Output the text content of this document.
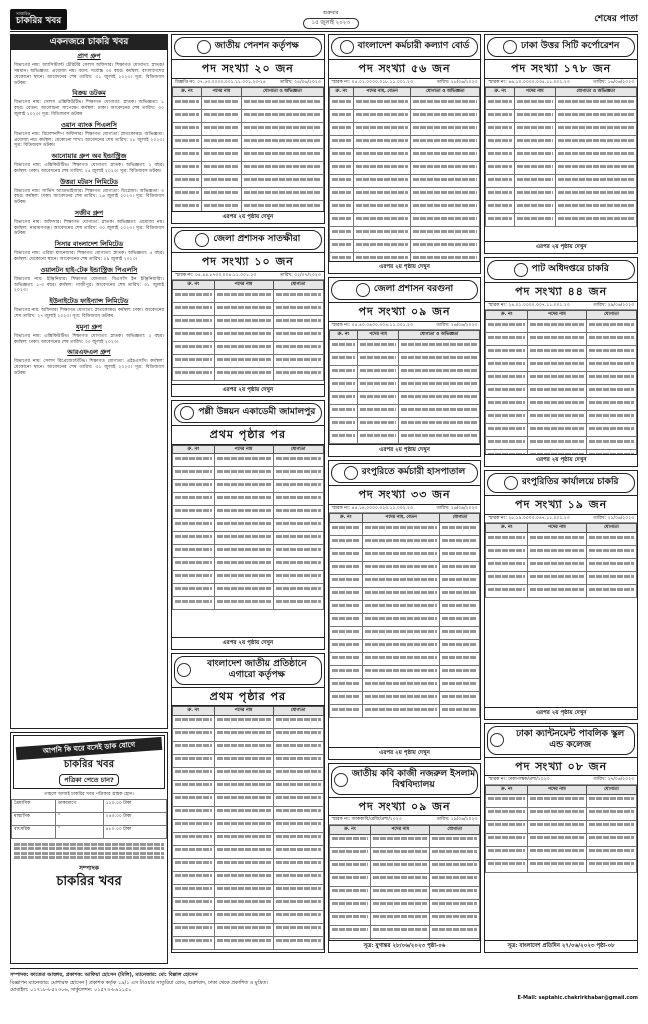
সাপ্তাহিক
চাকরির খবর
শুক্রবার
১৫ জুলাই ২০২৩	শেষের পাতা
একনজরে চাকরি খবর
প্রাণ গ্রুপ
বিভাগের নাম: অ্যাসিস্ট্যান্ট টেরিটরি সেলস অফিসার। শিক্ষাগত যোগ্যতা: স্নাতক/সমমান। অভিজ্ঞতা: প্রযোজ্য নয়। বয়স: সর্বোচ্চ ৩০ বছর। কর্মস্থল: বাংলাদেশের যেকোনো স্থানে। আবেদনের শেষ তারিখ: ৩১ জুলাই ২০২৩। সূত্র: বিডিজবস ডটকম
বিক্রয় ডটকম
বিভাগের নাম: সেলস এক্সিকিউটিভ। শিক্ষাগত যোগ্যতা: স্নাতক। অভিজ্ঞতা: ১ বছর। বেতন: আলোচনা সাপেক্ষে। কর্মস্থল: ঢাকা। আবেদনের শেষ তারিখ: ৩০ জুলাই ২০২৩। সূত্র: বিডিজবস ডটকম
ওয়ান ব্যাংক পিএলসি
বিভাগের নাম: রিলেশনশিপ অফিসার। শিক্ষাগত যোগ্যতা: স্নাতকোত্তর। অভিজ্ঞতা: প্রযোজ্য নয়। কর্মস্থল: যেকোনো শাখা। আবেদনের শেষ তারিখ: ২৮ জুলাই ২০২৩। সূত্র: বিডিজবস ডটকম
আনোয়ার গ্রুপ অব ইন্ডাস্ট্রিজ
বিভাগের নাম: এক্সিকিউটিভ। শিক্ষাগত যোগ্যতা: স্নাতক। অভিজ্ঞতা: ২ বছর। কর্মস্থল: ঢাকা। আবেদনের শেষ তারিখ: ২৫ জুলাই ২০২৩। সূত্র: বিডিজবস ডটকম
উত্তরা মটরস লিমিটেড
বিভাগের নাম: সার্ভিস অ্যাডভাইজার। শিক্ষাগত যোগ্যতা: ডিপ্লোমা। অভিজ্ঞতা: ৩ বছর। কর্মস্থল: ঢাকা। আবেদনের শেষ তারিখ: ২৬ জুলাই ২০২৩। সূত্র: বিডিজবস ডটকম
সজীব গ্রুপ
বিভাগের নাম: অফিসার। শিক্ষাগত যোগ্যতা: স্নাতক। অভিজ্ঞতা: প্রযোজ্য নয়। কর্মস্থল: নারায়ণগঞ্জ। আবেদনের শেষ তারিখ: ৩০ জুলাই ২০২৩। সূত্র: বিডিজবস ডটকম
সিসার বাংলাদেশ লিমিটেড
বিভাগের নাম: এরিয়া ম্যানেজার। শিক্ষাগত যোগ্যতা: স্নাতক। অভিজ্ঞতা: ৫ বছর। কর্মস্থল: যেকোনো স্থানে। আবেদনের শেষ তারিখ: ২৯ জুলাই ২০২৩।
ওয়ালটন হাই-টেক ইন্ডাস্ট্রিজ পিএলসি
বিভাগের নাম: ইঞ্জিনিয়ার। শিক্ষাগত যোগ্যতা: বিএসসি ইন ইঞ্জিনিয়ারিং। অভিজ্ঞতা: ১-৩ বছর। কর্মস্থল: গাজীপুর। আবেদনের শেষ তারিখ: ৩১ জুলাই ২০২৩।
ইউনাইটেড ফাইন্যান্স লিমিটেড
বিভাগের নাম: অফিসার। শিক্ষাগত যোগ্যতা: স্নাতকোত্তর। কর্মস্থল: ঢাকা। আবেদনের শেষ তারিখ: ২৭ জুলাই ২০২৩। সূত্র: বিডিজবস ডটকম
যমুনা গ্রুপ
বিভাগের নাম: এক্সিকিউটিভ। শিক্ষাগত যোগ্যতা: স্নাতক। অভিজ্ঞতা: ২ বছর। কর্মস্থল: ঢাকা। আবেদনের শেষ তারিখ: ৩০ জুলাই ২০২৩।
আরএফএল গ্রুপ
বিভাগের নাম: সেলস রিপ্রেজেন্টেটিভ। শিক্ষাগত যোগ্যতা: এইচএসসি। কর্মস্থল: যেকোনো স্থানে। আবেদনের শেষ তারিখ: ৩১ জুলাই ২০২৩। সূত্র: বিডিজবস ডটকম
আপনি কি ঘরে বসেই ডাক যোগে
চাকরির খবর
পত্রিকা পেতে চান?
তাহলে আজই চাকরির খবর পত্রিকার গ্রাহক হোন।
ত্রৈমাসিক	ডাকযোগে	১২০.০০ টাকা
ষান্মাসিক	”	২৪০.০০ টাকা
বাৎসরিক	”	৪৮০.০০ টাকা
সম্পাদক
চাকরির খবর
জাতীয় পেনশন কর্তৃপক্ষ
পদ সংখ্যা ২০ জন
বিজ্ঞপ্তি নং: ০৭.৫৩.০০০০.০০১.১১.০০১.২৩-২৪	তারিখ: ২৫/০৬/২০২৩
ক্র. নং	পদের নাম	যোগ্যতা ও অভিজ্ঞতা

এরপর ২য় পৃষ্ঠায় দেখুন
জেলা প্রশাসক সাতক্ষীরা
পদ সংখ্যা ১০ জন
স্মারক নং: ০৫.৪৪.৮৭০০.০০৪.১১.০০১.২৩	তারিখ: ০২/০৭/২০২৩
ক্র. নং	পদের নাম	যোগ্যতা

এরপর ২য় পৃষ্ঠায় দেখুন
পল্লী উন্নয়ন একাডেমী জামালপুর
প্রথম পৃষ্ঠার পর
ক্র. নং	পদের নাম	যোগ্যতা

এরপর ২য় পৃষ্ঠায় দেখুন
বাংলাদেশ জাতীয় প্রতিষ্ঠানে এগারো কর্তৃপক্ষ
প্রথম পৃষ্ঠার পর
ক্র. নং	পদের নাম	যোগ্যতা

বাংলাদেশ কর্মচারী কল্যাণ বোর্ড
পদ সংখ্যা ৫৬ জন
স্মারক নং: ০৫.০১.০০০০.০১৮.১১.০০১.২৩	তারিখ: ২৮/০৬/২০২৩
ক্র. নং	পদের নাম, বেতন	যোগ্যতা ও অভিজ্ঞতা

এরপর ২য় পৃষ্ঠায় দেখুন
জেলা প্রশাসন বরগুনা
পদ সংখ্যা ০৯ জন
স্মারক নং: ০৫.৪০.০৪০০.০০৪.১১.০০১.২৩	তারিখ: ২৬/০৬/২০২৩
ক্র. নং	পদের নাম	যোগ্যতা ও অভিজ্ঞতা

এরপর ২য় পৃষ্ঠায় দেখুন
রংপুরিতে কর্মচারী হাসপাতাল
পদ সংখ্যা ৩৩ জন
স্মারক নং: ৪৫.১৪.০০০০.০২৩.১১.০০২.২৩	তারিখ: ২৬/০৬/২০২৩
ক্র. নং	পদের নাম, বেতন	যোগ্যতা

এরপর ২য় পৃষ্ঠায় দেখুন
জাতীয় কবি কাজী নজরুল ইসলাম বিশ্ববিদ্যালয়
পদ সংখ্যা ০৯ জন
স্মারক নং: জাককাবি/রেজি/প্রশা/২০২৩	তারিখ: ২৯/০৬/২০২৩
ক্র. নং	পদের নাম	যোগ্যতা

সূত্র: যুগান্তর ২৮/০৬/২০২৩ পৃষ্ঠা-০৬
ঢাকা উত্তর সিটি কর্পোরেশন
পদ সংখ্যা ১৭৮ জন
স্মারক নং: ৪৬.১০.০০০০.০৩৫.১১.০০২.২৩	তারিখ: ১৬/০৬/২০২৩
ক্র. নং	পদের নাম	যোগ্যতা ও অভিজ্ঞতা

এরপর ২য় পৃষ্ঠায় দেখুন
পাট অধিদপ্তরে চাকরি
পদ সংখ্যা ৪৪ জন
স্মারক নং: ২৪.০১.০০০০.০০৭.১১.০০১.২৩	তারিখ: ২৯/০৬/২০২৩
ক্র. নং	পদের নাম	যোগ্যতা

এরপর ২য় পৃষ্ঠায় দেখুন
রংপুরিতির কার্যালয়ে চাকরি
পদ সংখ্যা ১৯ জন
স্মারক নং: ২৫.১৯.০০০০.০৪৭.১১.০০১.২৩	তারিখ: ২১/০৬/২০২৩
ক্র. নং	পদের নাম	যোগ্যতা

এরপর ২য় পৃষ্ঠায় দেখুন
ঢাকা ক্যান্টনমেন্ট পাবলিক স্কুল এন্ড কলেজ
পদ সংখ্যা ০৮ জন
স্মারক নং: ঢাকাপাস্কক/প্রশা/২০২৩	তারিখ: ২৭/০৬/২০২৩
ক্র. নং	পদের নাম	যোগ্যতা

সূত্র: বাংলাদেশ প্রতিদিন ২৭/০৬/২০২৩ পৃষ্ঠা-০৮
সম্পাদক: ফাতেমা আক্তার, প্রকাশক: আফিয়া হোসেন (মিলি), ম্যানেজার: মো: বিল্লাল হোসেন
বিজ্ঞাপন ম্যানেজার: মোশারফ হোসেন | প্রকাশক কর্তৃক ১৯/১ এস টাওয়ার সাতুরিয়া রোড, শুক্রাবাদ, ঢাকা থেকে প্রকাশিত ও মুদ্রিত।
মোবাইল: ০১৭১৮-৮৫২৩০৬, সার্কুলেশন: ০১৫৭৩-৮৯১১৫০
E-Mail: saptahic.chakrirkhabar@gmail.com
